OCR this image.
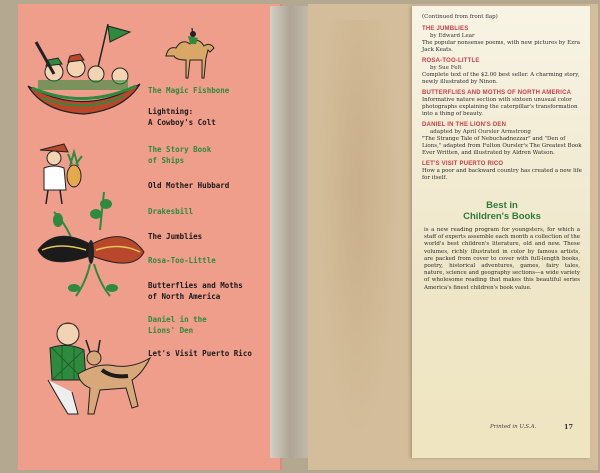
The Magic Fishbone
Lightning:
A Cowboy's Colt
The Story Book
of Ships
Old Mother Hubbard
Drakesbill
The Jumblies
Rosa-Too-Little
Butterflies and Moths
of North America
Daniel in the
Lions' Den
Let's Visit Puerto Rico
(Continued from front flap)
THE JUMBLIES
by Edward Lear
The popular nonsense poems, with new pictures by Ezra Jack Keats.
ROSA-TOO-LITTLE
by Sue Felt
Complete text of the $2.00 best seller. A charming story, newly illustrated by Ninon.
BUTTERFLIES AND MOTHS OF NORTH AMERICA
Informative nature section with sixteen unusual color photographs explaining the caterpillar's transformation into a thing of beauty.
DANIEL IN THE LION'S DEN
adapted by April Oursler Armstrong
"The Strange Tale of Nebuchadnezzar" and "Den of Lions," adapted from Fulton Oursler's The Greatest Book Ever Written, and illustrated by Aldren Watson.
LET'S VISIT PUERTO RICO
How a poor and backward country has created a new life for itself.
Best in
Children's Books
is a new reading program for youngsters, for which a staff of experts assemble each month a collection of the world's best children's literature, old and new. These volumes, richly illustrated in color by famous artists, are packed from cover to cover with full-length books, poetry, historical adventures, games, fairy tales, nature, science and geography sections—a wide variety of wholesome reading that makes this beautiful series America's finest children's book value.
Printed in U.S.A.	17
